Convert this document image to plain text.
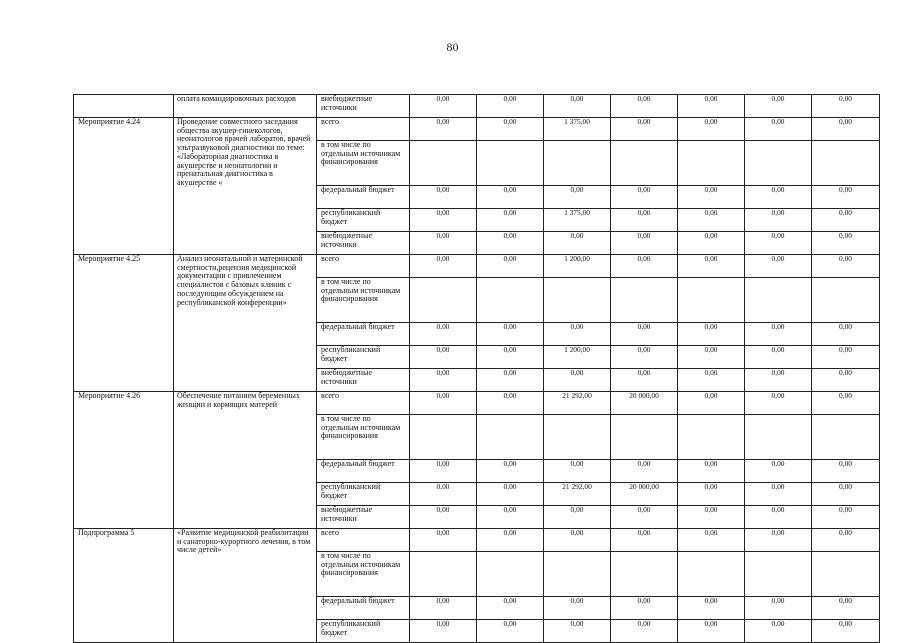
80
	оплата командировочных расходов	внебюджетные источники	0,00	0,00	0,00	0,00	0,00	0,00	0,00
Мероприятие 4.24	Проведение совместного заседания общества акушер-гинекологов, неонатологов врачей лаборатов, врачей ультразвуковой диагностики по теме: «Лабораторная диагностика в акушерстве и неонатологии и пренатальная диагностика в акушерстве «	всего	0,00	0,00	1 375,00	0,00	0,00	0,00	0,00
		в том числе по отдельным источникам финансирования							
		федеральный бюджет	0,00	0,00	0,00	0,00	0,00	0,00	0,00
		республиканский бюджет	0,00	0,00	1 375,00	0,00	0,00	0,00	0,00
		внебюджетные источники	0,00	0,00	0,00	0,00	0,00	0,00	0,00
Мероприятие 4.25	Анализ неонатальной и материнской смертности,рецензия медицинской документации с привлечением специалистов с базовых клиник с последующим обсуждением на республиканской конференции»	всего	0,00	0,00	1 200,00	0,00	0,00	0,00	0,00
		в том числе по отдельным источникам финансирования							
		федеральный бюджет	0,00	0,00	0,00	0,00	0,00	0,00	0,00
		республиканский бюджет	0,00	0,00	1 200,00	0,00	0,00	0,00	0,00
		внебюджетные источники	0,00	0,00	0,00	0,00	0,00	0,00	0,00
Мероприятие 4.26	Обеспечение питанием беременных женщин и кормящих матерей	всего	0,00	0,00	21 292,00	20 000,00	0,00	0,00	0,00
		в том числе по отдельным источникам финансирования							
		федеральный бюджет	0,00	0,00	0,00	0,00	0,00	0,00	0,00
		республиканский бюджет	0,00	0,00	21 292,00	20 000,00	0,00	0,00	0,00
		внебюджетные источники	0,00	0,00	0,00	0,00	0,00	0,00	0,00
Подпрограмма 5	«Развитие медицинской реабилитации и санаторно-курортного лечения, в том числе детей»	всего	0,00	0,00	0,00	0,00	0,00	0,00	0,00
		в том числе по отдельным источникам финансирования							
		федеральный бюджет	0,00	0,00	0,00	0,00	0,00	0,00	0,00
		республиканский бюджет	0,00	0,00	0,00	0,00	0,00	0,00	0,00
